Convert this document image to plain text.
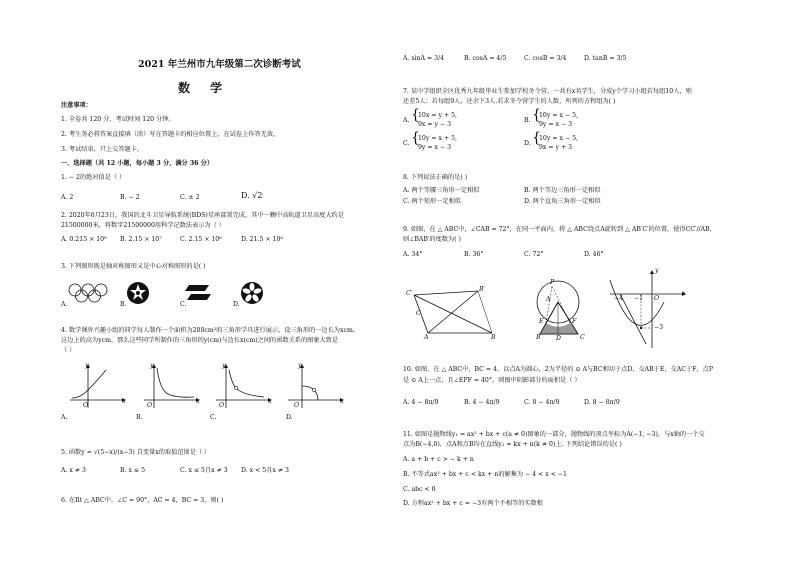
2021 年兰州市九年级第二次诊断考试
数 学
注意事项：
1. 全卷共 120 分，考试时间 120 分钟。
2. 考生务必将答案直接填（涂）写在答题卡的相应位置上，在试卷上作答无效。
3. 考试结束，只上交答题卡。
一、选择题（共 12 小题，每小题 3 分，满分 36 分）
1. − 2的绝对值是（ ）
A. 2	B. − 2	C. ± 2	D. √2
2. 2020年6月23日，我国的北斗卫星导航系统(BDS)星座部署完成，其中一颗中高轨道卫星高度大约是
21500000米，将数字21500000用科学记数法表示为（ ）
A. 0.215 × 10⁸ B. 2.15 × 10⁷	C. 2.15 × 10⁶	D. 21.5 × 10⁶
3. 下列图形既是轴对称图形又是中心对称图形的是( )
A.	B.	C.	D.
4. 数学课外兴趣小组的同学每人制作一个面积为200cm²的三角形学具进行展示，设三角形的一边长为xcm，
这边上的高为ycm，那么这些同学所制作的三角形的y(cm)与边长x(cm)之间的函数关系的图象大致是
（ ）
y
x
O
A.
y
x
O
B.
y
x
O
C.
y
x
O
D.
5. 函数y = √(5−x)/(x−3) 自变量x的取值范围是（ ）
A. x ≠ 3	B. x ≤ 5	C. x ≤ 5且x ≠ 3 D. x < 5且x ≠ 3
6. 在Rt △ ABC中，∠C = 90°，AC = 4，BC = 3，则( )
A. sinA = 3/4	B. cosA = 4/5	C. cosB = 3/4	D. tanB = 3/5
7. 某中学组织全区优秀九年级毕业生参加学校冬令营，一共有x名学生，分成y个学习小组若每组10人，则
还差5人；若每组9人，还余下3人.若求冬令营学生的人数，所列的方程组为( )
A. {
10x = y + 5,
9x = y − 3
B. {
10y = x − 5,
9y = x − 3
C. {
10y = x + 5,
9y = x − 3
D. {
10y = x − 5,
9x = y + 3
8. 下列说法正确的是( )
A. 两个等腰三角形一定相似	B. 两个等边三角形一定相似
C. 两个矩形一定相似	D. 两个直角三角形一定相似
9. 如图，在 △ ABC中，∠CAB = 72°，在同一平面内，将 △ ABC绕点A旋转到 △ AB′C′的位置，使得CC′//AB，
则∠BAB′的度数为( )
A. 34°	B. 36°	C. 72°	D. 46°
C′
B′
C
A	B
A
P
E	F
B D	C
y
x
−4 −1 O
−3
10. 如图，在 △ ABC中，BC = 4，以点A为圆心，2为半径的 ⊙ A与BC相切于点D，交AB于E，交AC于F，点P
是 ⊙ A上一点，且∠EPF = 40°，则图中阴影部分的面积是（ ）
A. 4 − 8π/9	B. 4 − 4π/9	C. 8 − 4π/9	D. 8 − 8π/9
11. 如图是抛物线y₁ = ax² + bx + c(a ≠ 0)图象的一部分，抛物线的顶点坐标为A(−1, −3)，与x轴的一个交
点为B(−4,0)，点A和点B均在直线y₂ = kx + n(k ≠ 0)上. 下列结论错误的是( )
A. a + b + c > − k + n
B. 不等式ax² + bx + c < kx + n的解集为 − 4 < x < −1
C. abc < 0
D. 方程ax² + bx + c = −3有两个不相等的实数根
